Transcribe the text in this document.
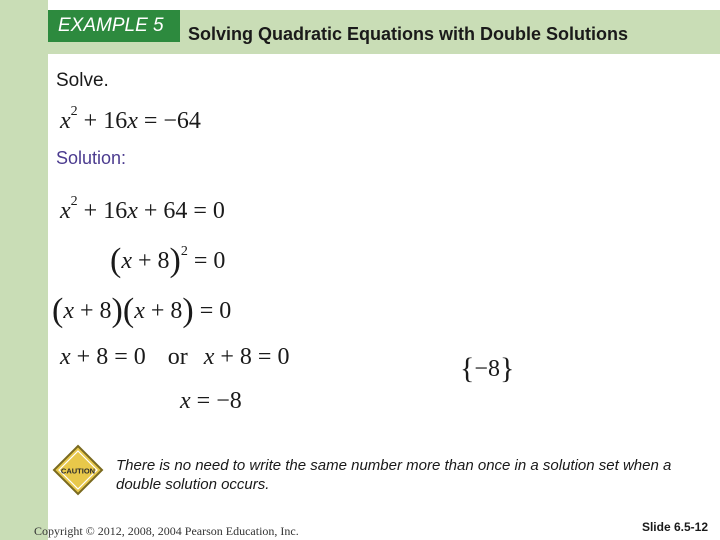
EXAMPLE 5 Solving Quadratic Equations with Double Solutions
Solve.
$x^2 + 16x = -64$
Solution:
$x^2 + 16x + 64 = 0$
$(x + 8)^2 = 0$
(x + 8)(x + 8) = 0
x + 8 = 0 or x + 8 = 0
x = −8
{−8}
CAUTION There is no need to write the same number more than once in a solution set when a double solution occurs.
Copyright © 2012, 2008, 2004 Pearson Education, Inc.	Slide 6.5-12
